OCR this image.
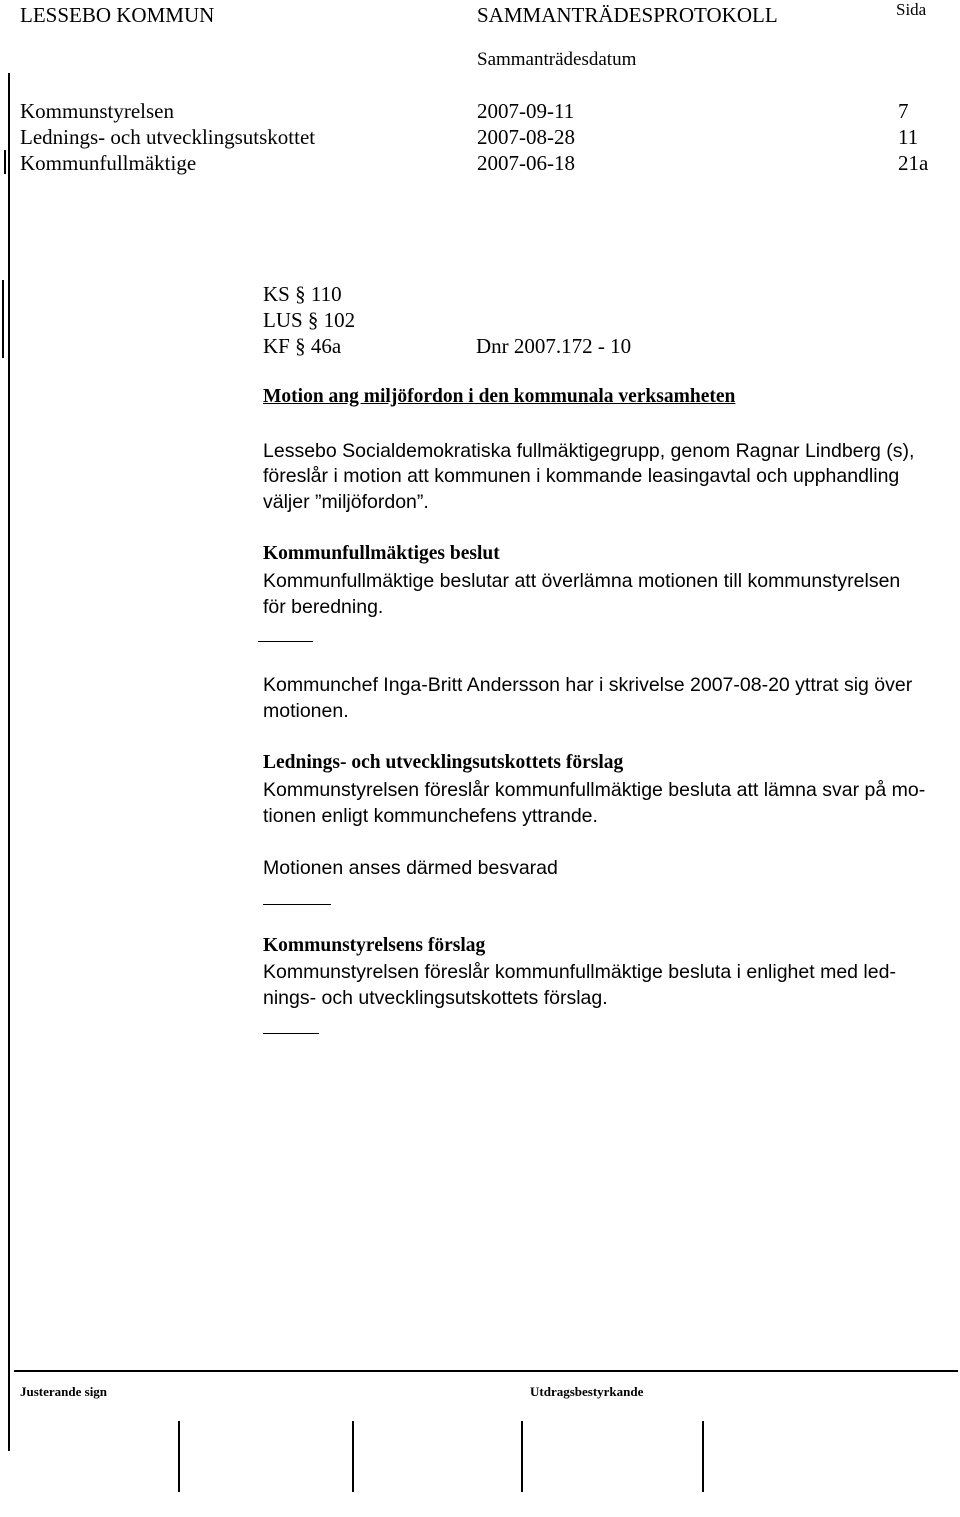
LESSEBO KOMMUN	SAMMANTRÄDESPROTOKOLL	Sida
Sammanträdesdatum
Kommunstyrelsen	2007-09-11	7
Lednings- och utvecklingsutskottet	2007-08-28	11
Kommunfullmäktige	2007-06-18	21a
KS § 110
LUS § 102
KF § 46a	Dnr 2007.172 - 10
Motion ang miljöfordon i den kommunala verksamheten
Lessebo Socialdemokratiska fullmäktigegrupp, genom Ragnar Lindberg (s),
föreslår i motion att kommunen i kommande leasingavtal och upphandling
väljer ”miljöfordon”.
Kommunfullmäktiges beslut
Kommunfullmäktige beslutar att överlämna motionen till kommunstyrelsen
för beredning.
Kommunchef Inga-Britt Andersson har i skrivelse 2007-08-20 yttrat sig över
motionen.
Lednings- och utvecklingsutskottets förslag
Kommunstyrelsen föreslår kommunfullmäktige besluta att lämna svar på mo-
tionen enligt kommunchefens yttrande.
Motionen anses därmed besvarad
Kommunstyrelsens förslag
Kommunstyrelsen föreslår kommunfullmäktige besluta i enlighet med led-
nings- och utvecklingsutskottets förslag.
Justerande sign	Utdragsbestyrkande
